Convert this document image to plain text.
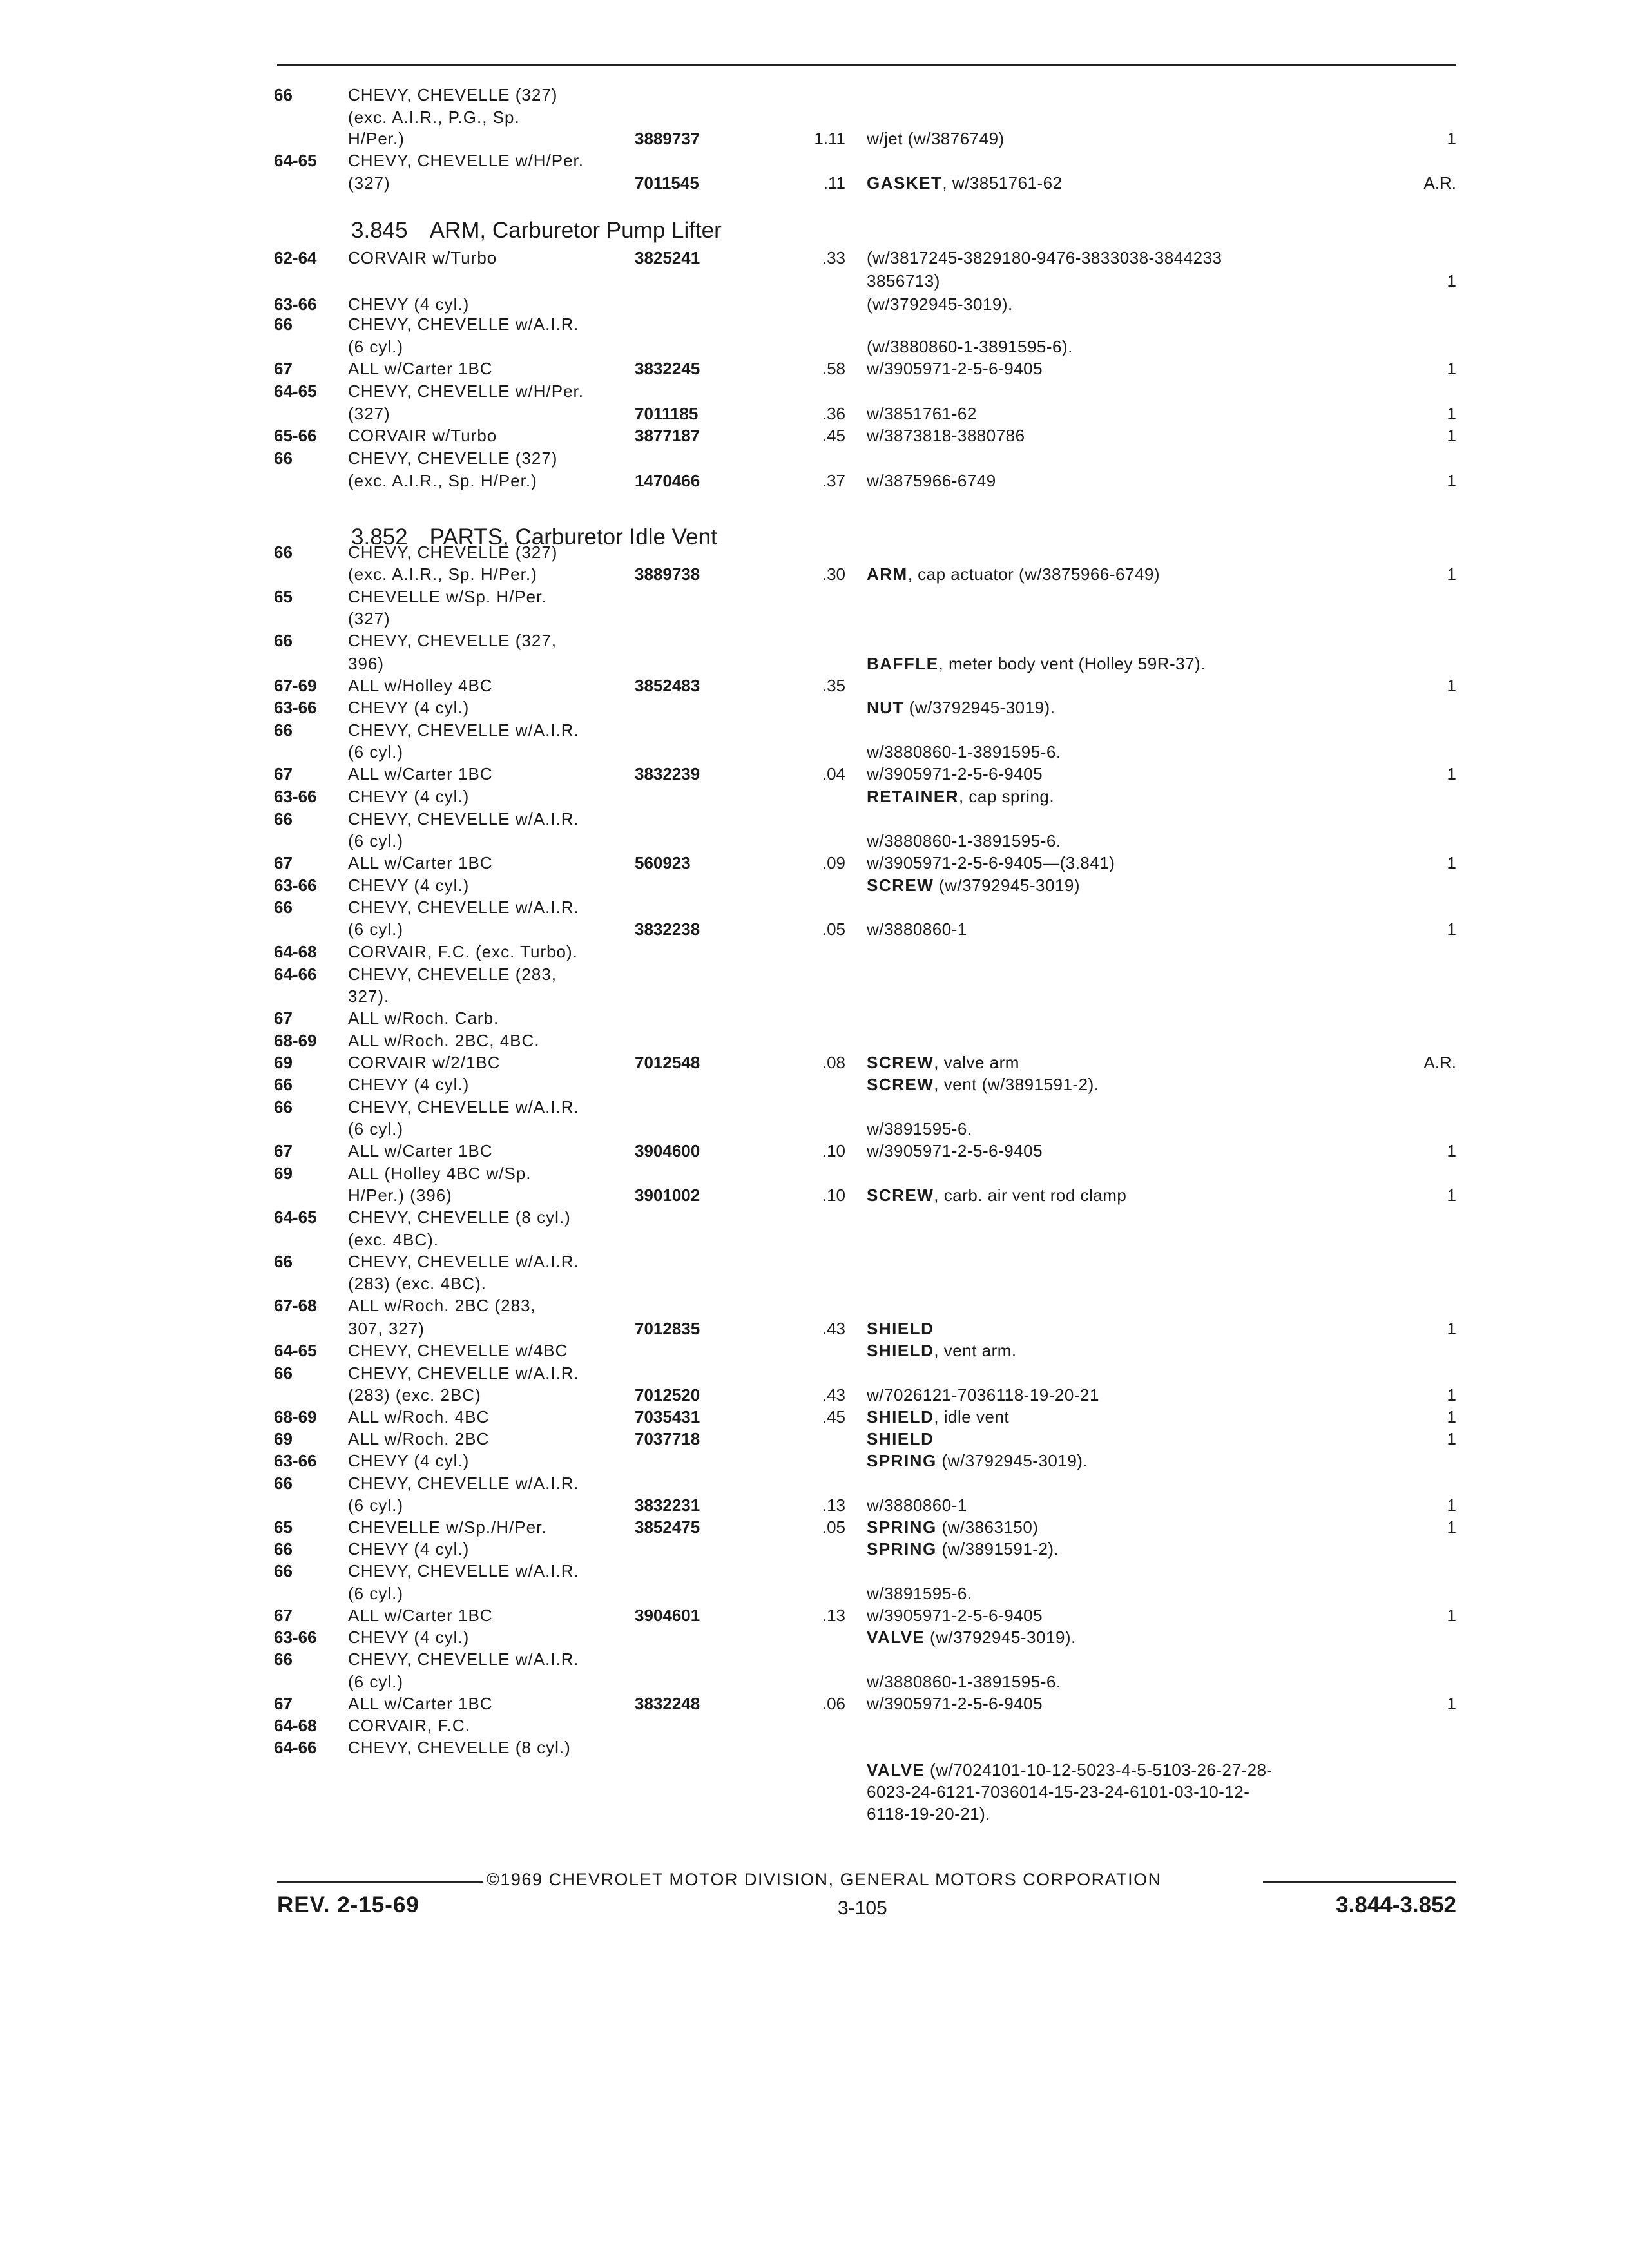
3.845 ARM, Carburetor Pump Lifter
3.852 PARTS, Carburetor Idle Vent
66	CHEVY, CHEVELLE (327)
(exc. A.I.R., P.G., Sp.
H/Per.)	3889737	1.11 w/jet (w/3876749)	1
64-65 CHEVY, CHEVELLE w/H/Per.
(327)	7011545	.11 GASKET, w/3851761-62	A.R.
62-64 CORVAIR w/Turbo	3825241	.33 (w/3817245-3829180-9476-3833038-3844233
3856713)	1
63-66 CHEVY (4 cyl.)	(w/3792945-3019).
66	CHEVY, CHEVELLE w/A.I.R.
(6 cyl.)	(w/3880860-1-3891595-6).
67	ALL w/Carter 1BC	3832245	.58 w/3905971-2-5-6-9405	1
64-65 CHEVY, CHEVELLE w/H/Per.
(327)	7011185	.36 w/3851761-62	1
65-66 CORVAIR w/Turbo	3877187	.45 w/3873818-3880786	1
66	CHEVY, CHEVELLE (327)
(exc. A.I.R., Sp. H/Per.)	1470466	.37 w/3875966-6749	1
66	CHEVY, CHEVELLE (327)
(exc. A.I.R., Sp. H/Per.)	3889738	.30 ARM, cap actuator (w/3875966-6749)	1
65	CHEVELLE w/Sp. H/Per.
(327)
66	CHEVY, CHEVELLE (327,
396)	BAFFLE, meter body vent (Holley 59R-37).
67-69 ALL w/Holley 4BC	3852483	.35	1
63-66 CHEVY (4 cyl.)	NUT (w/3792945-3019).
66	CHEVY, CHEVELLE w/A.I.R.
(6 cyl.)	w/3880860-1-3891595-6.
67	ALL w/Carter 1BC	3832239	.04 w/3905971-2-5-6-9405	1
63-66 CHEVY (4 cyl.)	RETAINER, cap spring.
66	CHEVY, CHEVELLE w/A.I.R.
(6 cyl.)	w/3880860-1-3891595-6.
67	ALL w/Carter 1BC	560923	.09 w/3905971-2-5-6-9405—(3.841)	1
63-66 CHEVY (4 cyl.)	SCREW (w/3792945-3019)
66	CHEVY, CHEVELLE w/A.I.R.
(6 cyl.)	3832238	.05 w/3880860-1	1
64-68 CORVAIR, F.C. (exc. Turbo).
64-66 CHEVY, CHEVELLE (283,
327).
67	ALL w/Roch. Carb.
68-69 ALL w/Roch. 2BC, 4BC.
69	CORVAIR w/2/1BC	7012548	.08 SCREW, valve arm	A.R.
66	CHEVY (4 cyl.)	SCREW, vent (w/3891591-2).
66	CHEVY, CHEVELLE w/A.I.R.
(6 cyl.)	w/3891595-6.
67	ALL w/Carter 1BC	3904600	.10 w/3905971-2-5-6-9405	1
69	ALL (Holley 4BC w/Sp.
H/Per.) (396)	3901002	.10 SCREW, carb. air vent rod clamp	1
64-65 CHEVY, CHEVELLE (8 cyl.)
(exc. 4BC).
66	CHEVY, CHEVELLE w/A.I.R.
(283) (exc. 4BC).
67-68 ALL w/Roch. 2BC (283,
307, 327)	7012835	.43 SHIELD	1
64-65 CHEVY, CHEVELLE w/4BC	SHIELD, vent arm.
66	CHEVY, CHEVELLE w/A.I.R.
(283) (exc. 2BC)	7012520	.43 w/7026121-7036118-19-20-21	1
68-69 ALL w/Roch. 4BC	7035431	.45 SHIELD, idle vent	1
69	ALL w/Roch. 2BC	7037718	SHIELD	1
63-66 CHEVY (4 cyl.)	SPRING (w/3792945-3019).
66	CHEVY, CHEVELLE w/A.I.R.
(6 cyl.)	3832231	.13 w/3880860-1	1
65	CHEVELLE w/Sp./H/Per.	3852475	.05 SPRING (w/3863150)	1
66	CHEVY (4 cyl.)	SPRING (w/3891591-2).
66	CHEVY, CHEVELLE w/A.I.R.
(6 cyl.)	w/3891595-6.
67	ALL w/Carter 1BC	3904601	.13 w/3905971-2-5-6-9405	1
63-66 CHEVY (4 cyl.)	VALVE (w/3792945-3019).
66	CHEVY, CHEVELLE w/A.I.R.
(6 cyl.)	w/3880860-1-3891595-6.
67	ALL w/Carter 1BC	3832248	.06 w/3905971-2-5-6-9405	1
64-68 CORVAIR, F.C.
64-66 CHEVY, CHEVELLE (8 cyl.)
VALVE (w/7024101-10-12-5023-4-5-5103-26-27-28-
6023-24-6121-7036014-15-23-24-6101-03-10-12-
6118-19-20-21).
©1969 CHEVROLET MOTOR DIVISION, GENERAL MOTORS CORPORATION
REV. 2-15-69	3-105	3.844-3.852
